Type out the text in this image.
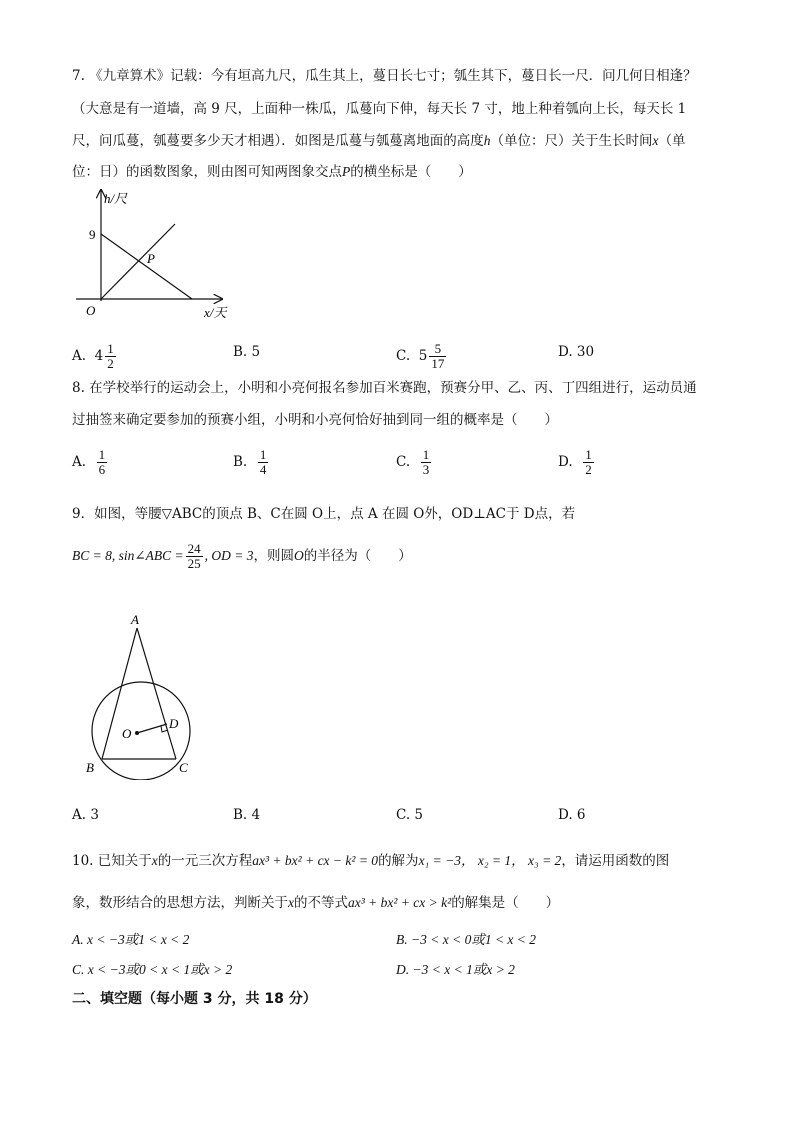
7. 《九章算术》记载：今有垣高九尺，瓜生其上，蔓日长七寸；瓠生其下，蔓日长一尺．问几何日相逢？
（大意是有一道墙，高 9 尺，上面种一株瓜，瓜蔓向下伸，每天长 7 寸，地上种着瓠向上长，每天长 1
尺，问瓜蔓，瓠蔓要多少天才相遇）．如图是瓜蔓与瓠蔓离地面的高度h（单位：尺）关于生长时间x（单
位：日）的函数图象，则由图可知两图象交点P的横坐标是（　　）
h/尺
9
P
O	x/天
A. $4 \frac{1}{2}$	B. 5	C. $5 \frac{5}{17}$	D. 30
8. 在学校举行的运动会上，小明和小亮何报名参加百米赛跑，预赛分甲、乙、丙、丁四组进行，运动员通
过抽签来确定要参加的预赛小组，小明和小亮何恰好抽到同一组的概率是（　　）
A. $\frac{1}{6}$	B. $\frac{1}{4}$	C. $\frac{1}{3}$	D. $\frac{1}{2}$
9．如图，等腰▽ABC的顶点 B、C在圆 O上，点 A 在圆 O外，OD⊥AC于 D点，若
BC = 8, sin∠ABC = $\frac{24}{25}$ , OD = 3，则圆O的半径为（　　）
A
O
D
B	C
A. 3	B. 4	C. 5	D. 6
10. 已知关于x的一元三次方程ax³ + bx² + cx − k² = 0的解为x₁ = −3， x₂ = 1， x₃ = 2，请运用函数的图
象，数形结合的思想方法，判断关于x的不等式ax³ + bx² + cx > k²的解集是（　　）
A. x < −3或1 < x < 2	B. −3 < x < 0或1 < x < 2
C. x < −3或0 < x < 1或x > 2	D. −3 < x < 1或x > 2
二、填空题（每小题 3 分，共 18 分）
